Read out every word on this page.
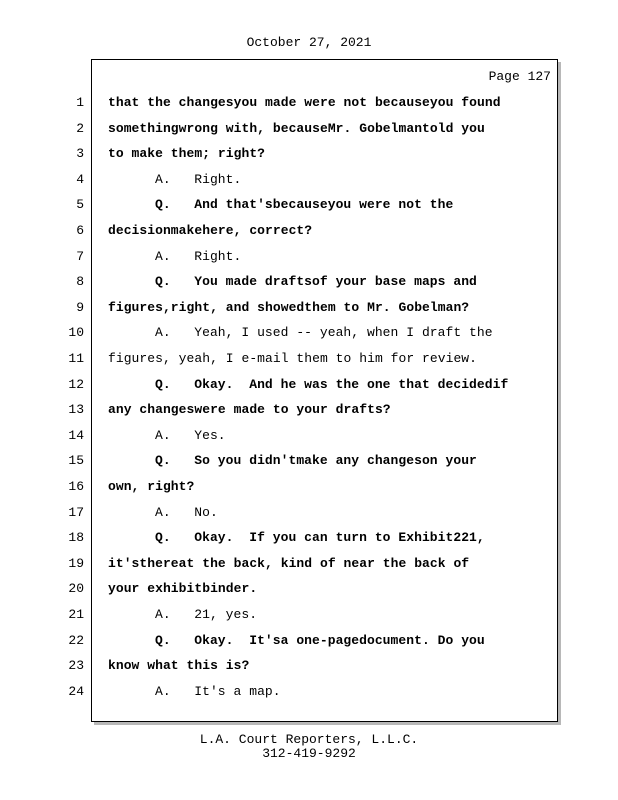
October 27, 2021
Page 127
1 that the changesyou made were not becauseyou found
2 somethingwrong with, becauseMr. Gobelmantold you
3 to make them; right?
4	A.   Right.
5	Q.   And that'sbecauseyou were not the
6 decisionmakehere, correct?
7	A.   Right.
8	Q.   You made draftsof your base maps and
9 figures,right, and showedthem to Mr. Gobelman?
10	A.   Yeah, I used -- yeah, when I draft the
11 figures, yeah, I e-mail them to him for review.
12	Q.   Okay.  And he was the one that decidedif
13 any changeswere made to your drafts?
14	A.   Yes.
15	Q.   So you didn'tmake any changeson your
16 own, right?
17	A.   No.
18	Q.   Okay.  If you can turn to Exhibit221,
19 it'sthereat the back, kind of near the back of
20 your exhibitbinder.
21	A.   21, yes.
22	Q.   Okay.  It'sa one-pagedocument. Do you
23 know what this is?
24	A.   It's a map.
L.A. Court Reporters, L.L.C.
312-419-9292
